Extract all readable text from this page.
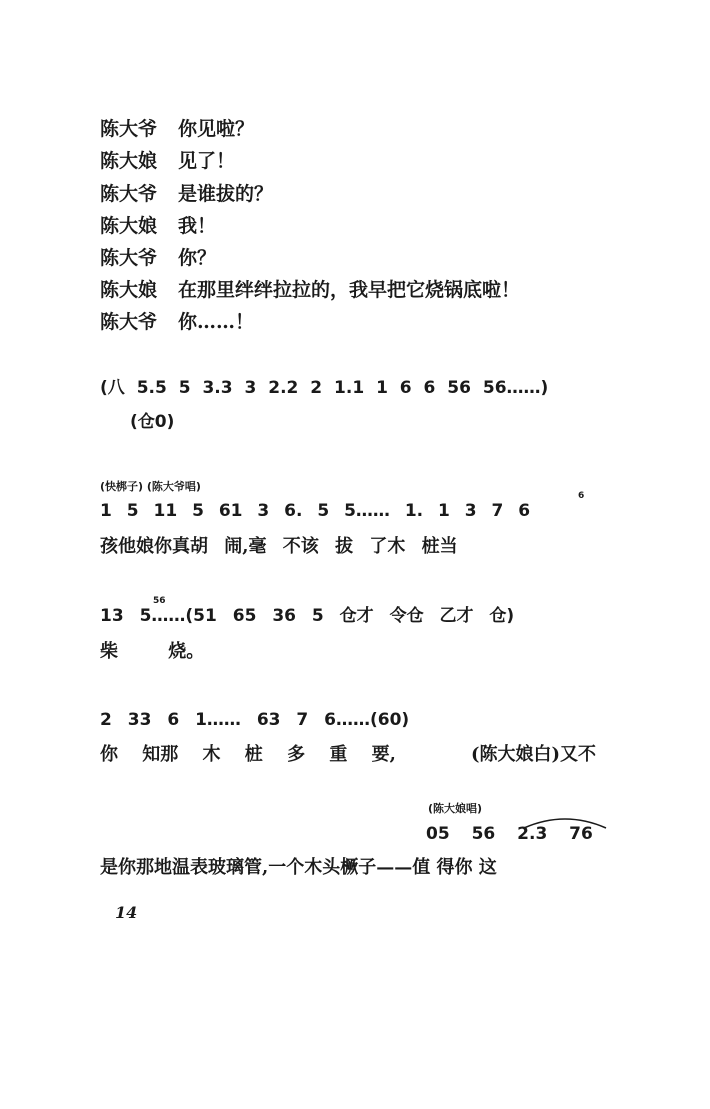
陈大爷 你见啦？
陈大娘 见了！
陈大爷 是谁拔的？
陈大娘 我！
陈大爷 你？
陈大娘 在那里绊绊拉拉的，我早把它烧锅底啦！
陈大爷 你……！
(八 5.5 5 3.3 3 2.2 2 1.1 1 6 6 56 56……)
(仓0)
(快梆子) (陈大爷唱)
1 5 11 5 61 3 6. 5 5…… 1. 1 3 7 6
6
孩他娘你真胡 闹,毫 不该 拔 了木 桩当
56
13 5……(51 65 36 5 仓才 令仓 乙才 仓)
柴 烧。
2 33 6 1…… 63 7 6……(60)
你 知那 木 桩 多 重 要,	(陈大娘白)又不
(陈大娘唱)
05 56 2.3 76
是你那地温表玻璃管,一个木头橛子——值 得你 这
14
